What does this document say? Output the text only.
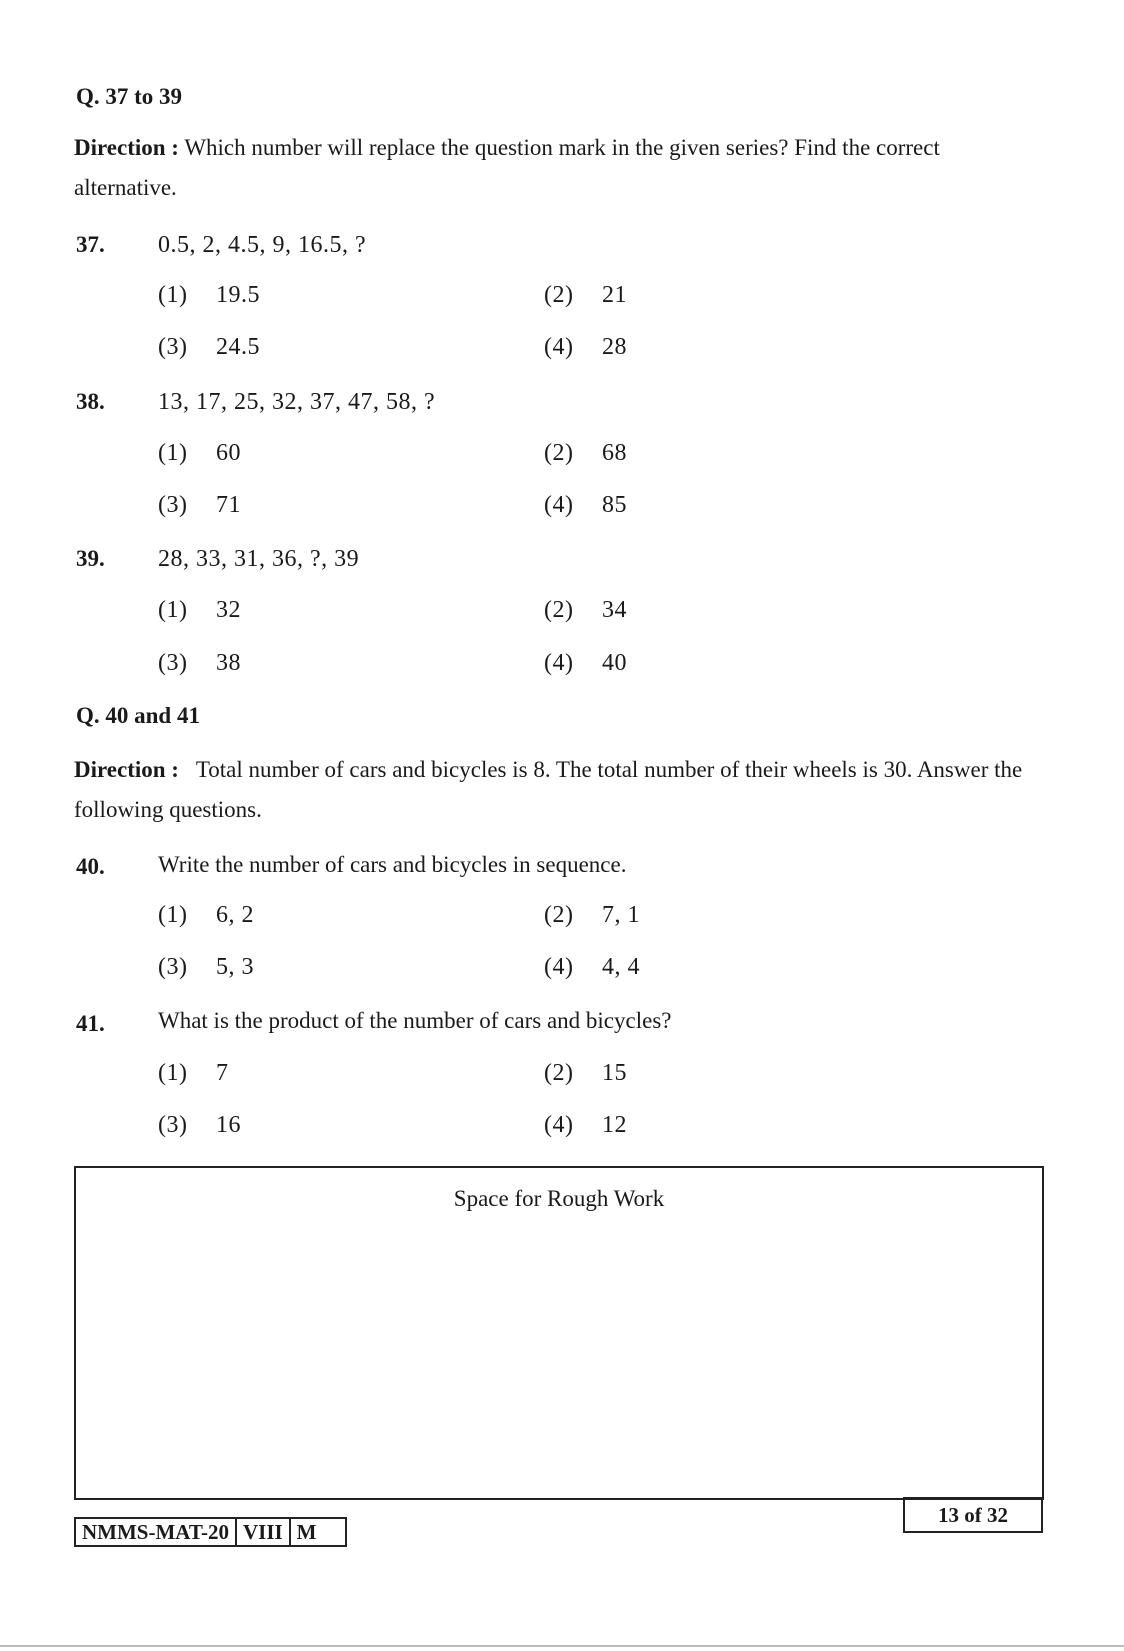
Q. 37 to 39
Direction : Which number will replace the question mark in the given series? Find the correct alternative.
37. 0.5, 2, 4.5, 9, 16.5, ?
(1) 19.5	(2) 21
(3) 24.5	(4) 28
38. 13, 17, 25, 32, 37, 47, 58, ?
(1) 60	(2) 68
(3) 71	(4) 85
39. 28, 33, 31, 36, ?, 39
(1) 32	(2) 34
(3) 38	(4) 40
Q. 40 and 41
Direction : Total number of cars and bicycles is 8. The total number of their wheels is 30. Answer the following questions.
40. Write the number of cars and bicycles in sequence.
(1) 6, 2	(2) 7, 1
(3) 5, 3	(4) 4, 4
41. What is the product of the number of cars and bicycles?
(1) 7	(2) 15
(3) 16	(4) 12
Space for Rough Work
NMMS-MAT-20 VIII M
13 of 32
